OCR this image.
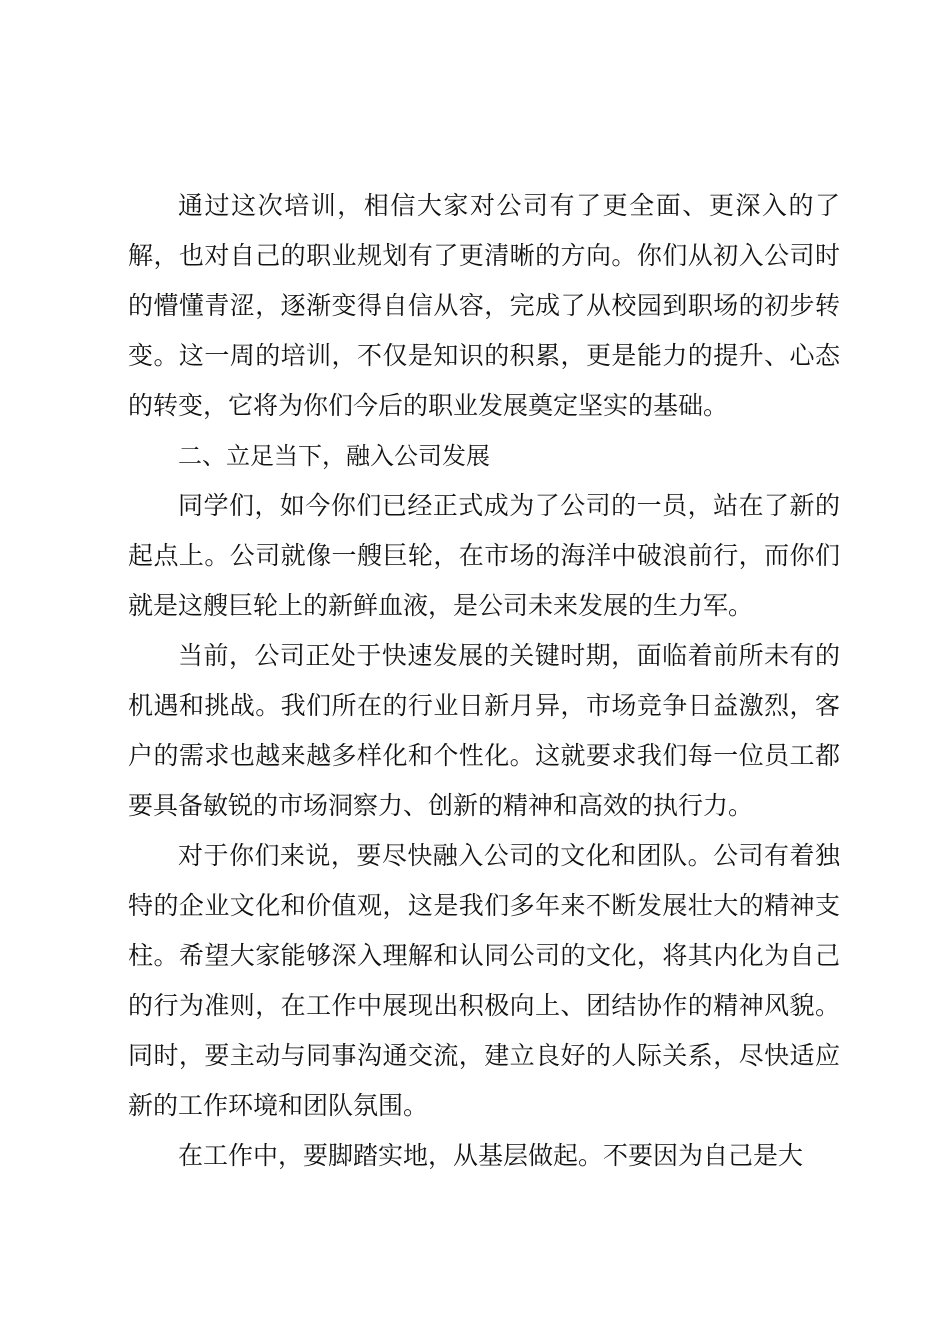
通过这次培训，相信大家对公司有了更全面、更深入的了解，也对自己的职业规划有了更清晰的方向。你们从初入公司时的懵懂青涩，逐渐变得自信从容，完成了从校园到职场的初步转变。这一周的培训，不仅是知识的积累，更是能力的提升、心态的转变，它将为你们今后的职业发展奠定坚实的基础。

二、立足当下，融入公司发展

同学们，如今你们已经正式成为了公司的一员，站在了新的起点上。公司就像一艘巨轮，在市场的海洋中破浪前行，而你们就是这艘巨轮上的新鲜血液，是公司未来发展的生力军。

当前，公司正处于快速发展的关键时期，面临着前所未有的机遇和挑战。我们所在的行业日新月异，市场竞争日益激烈，客户的需求也越来越多样化和个性化。这就要求我们每一位员工都要具备敏锐的市场洞察力、创新的精神和高效的执行力。

对于你们来说，要尽快融入公司的文化和团队。公司有着独特的企业文化和价值观，这是我们多年来不断发展壮大的精神支柱。希望大家能够深入理解和认同公司的文化，将其内化为自己的行为准则，在工作中展现出积极向上、团结协作的精神风貌。同时，要主动与同事沟通交流，建立良好的人际关系，尽快适应新的工作环境和团队氛围。

在工作中，要脚踏实地，从基层做起。不要因为自己是大
